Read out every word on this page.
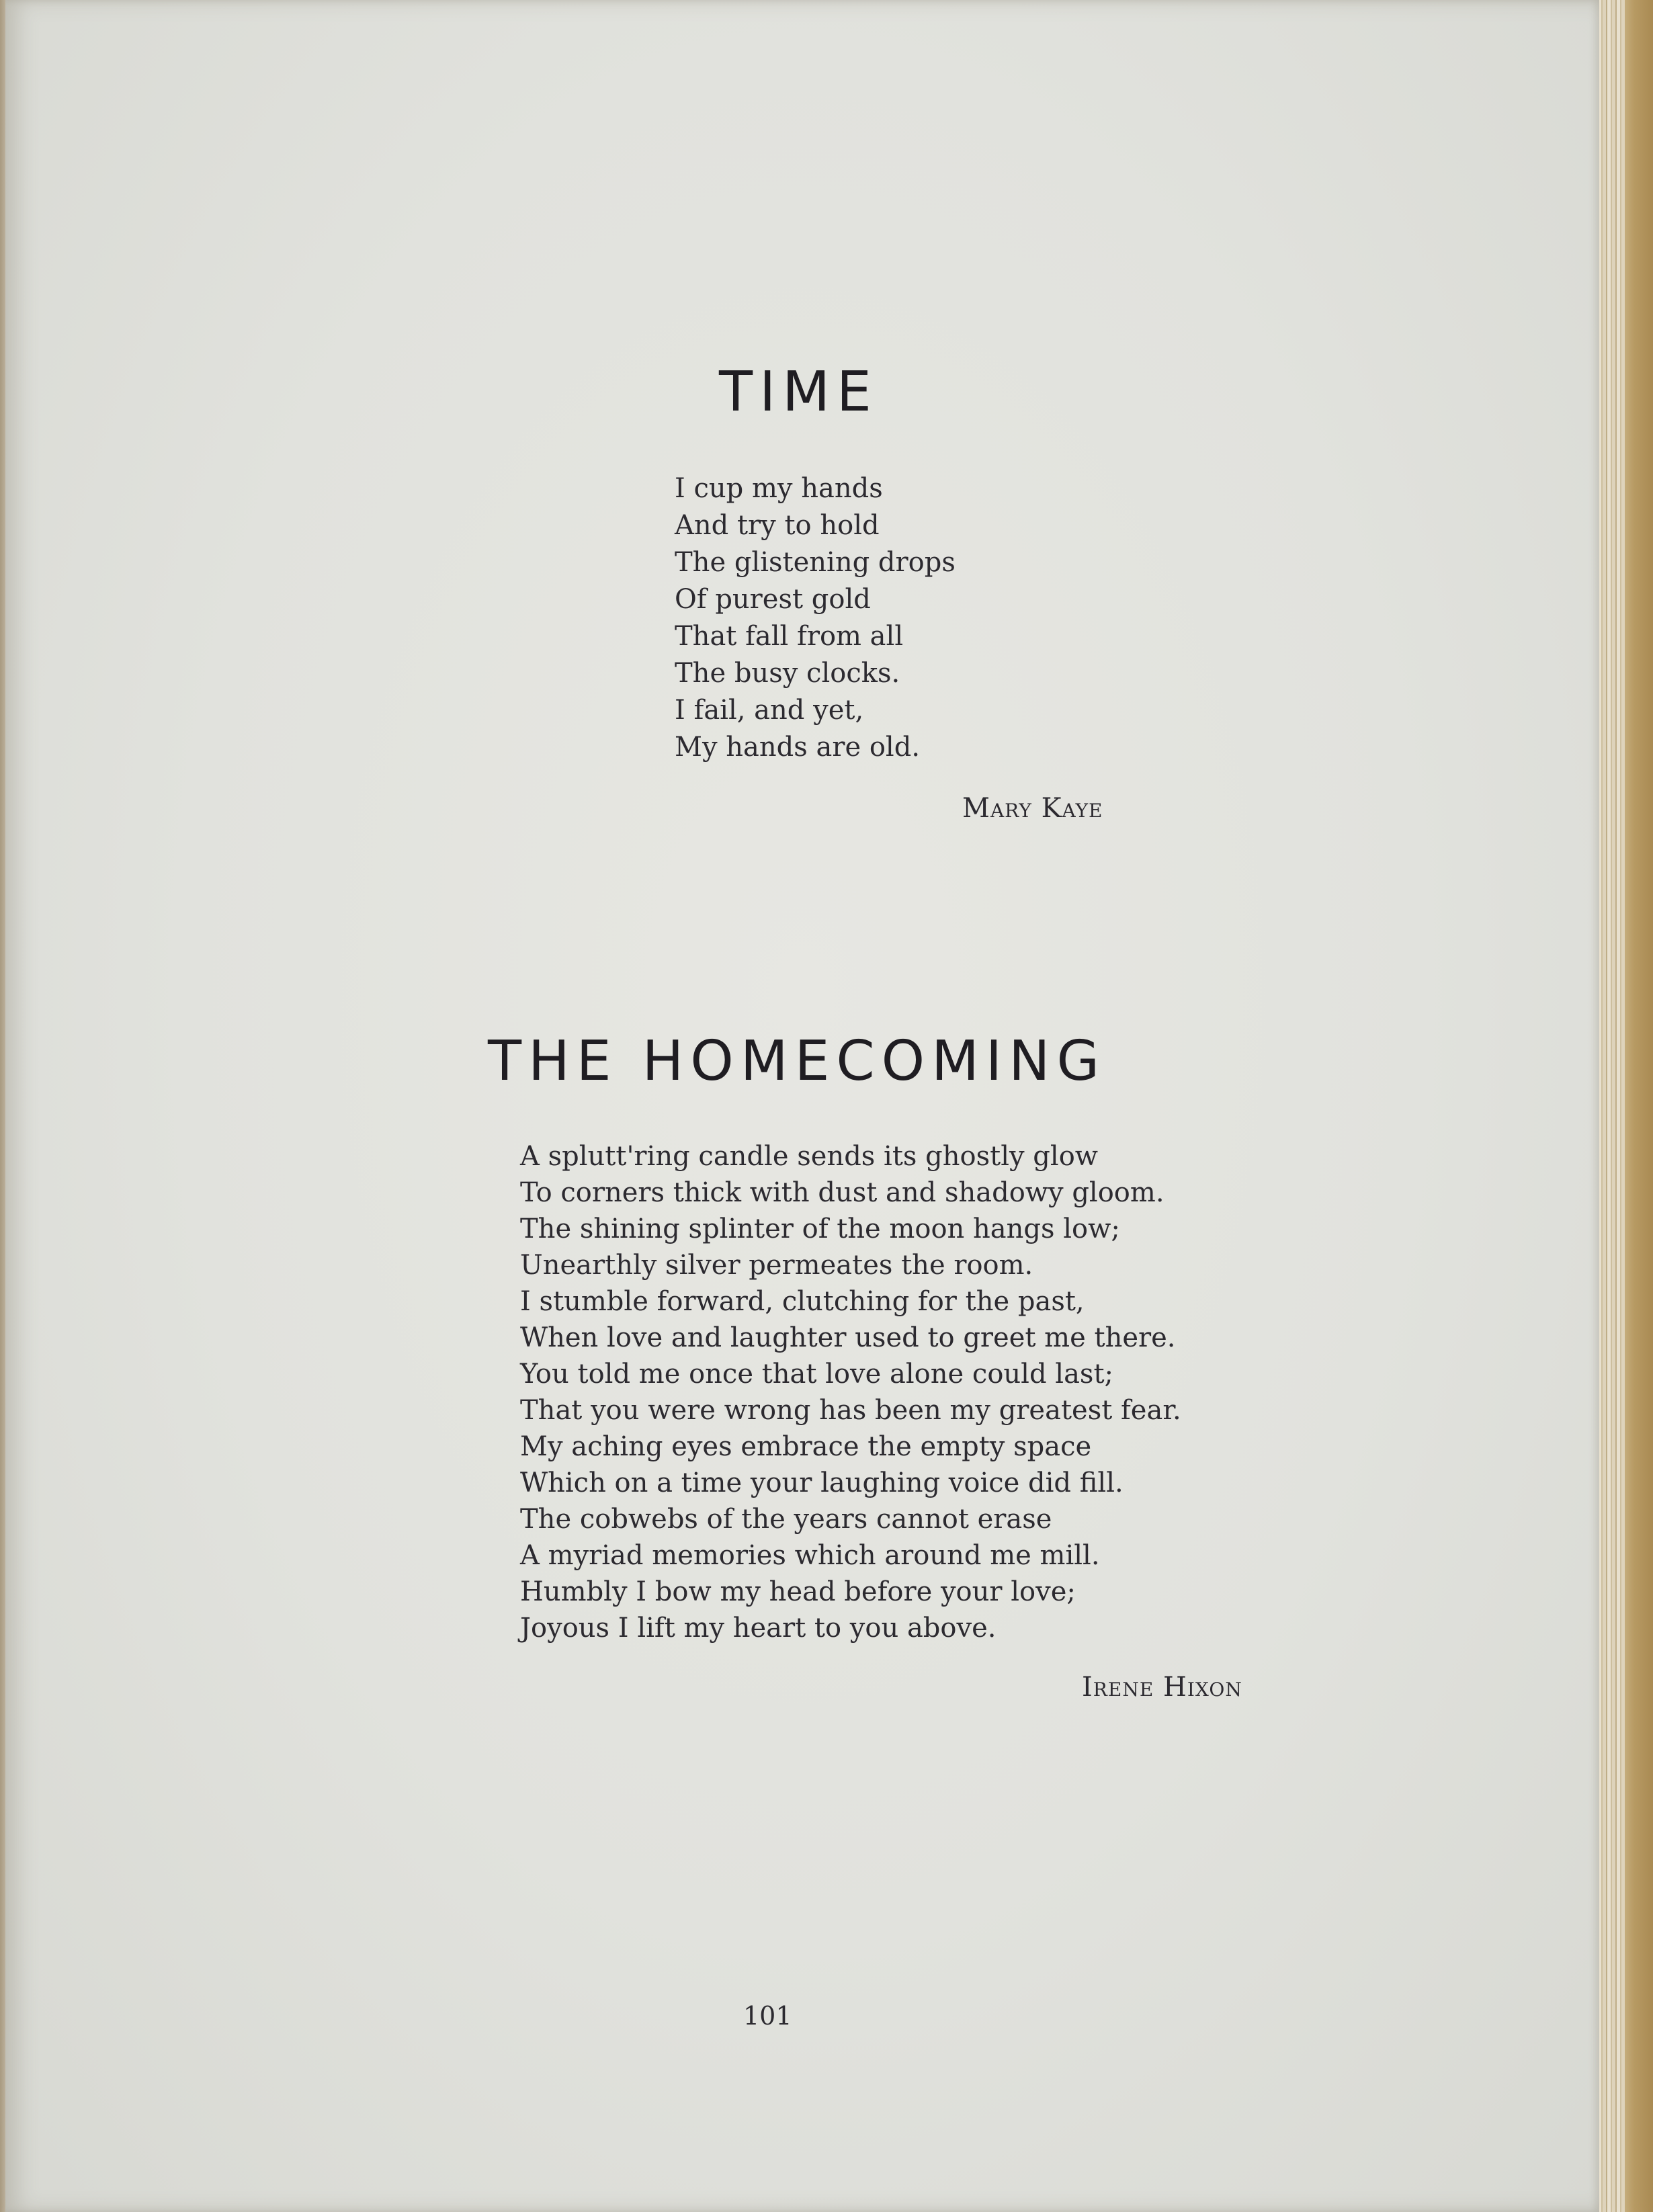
TIME
I cup my hands
And try to hold
The glistening drops
Of purest gold
That fall from all
The busy clocks.
I fail, and yet,
My hands are old.

Mary Kaye

THE HOMECOMING
A splutt'ring candle sends its ghostly glow
To corners thick with dust and shadowy gloom.
The shining splinter of the moon hangs low;
Unearthly silver permeates the room.
I stumble forward, clutching for the past,
When love and laughter used to greet me there.
You told me once that love alone could last;
That you were wrong has been my greatest fear.
My aching eyes embrace the empty space
Which on a time your laughing voice did fill.
The cobwebs of the years cannot erase
A myriad memories which around me mill.
Humbly I bow my head before your love;
Joyous I lift my heart to you above.

Irene Hixon

101
